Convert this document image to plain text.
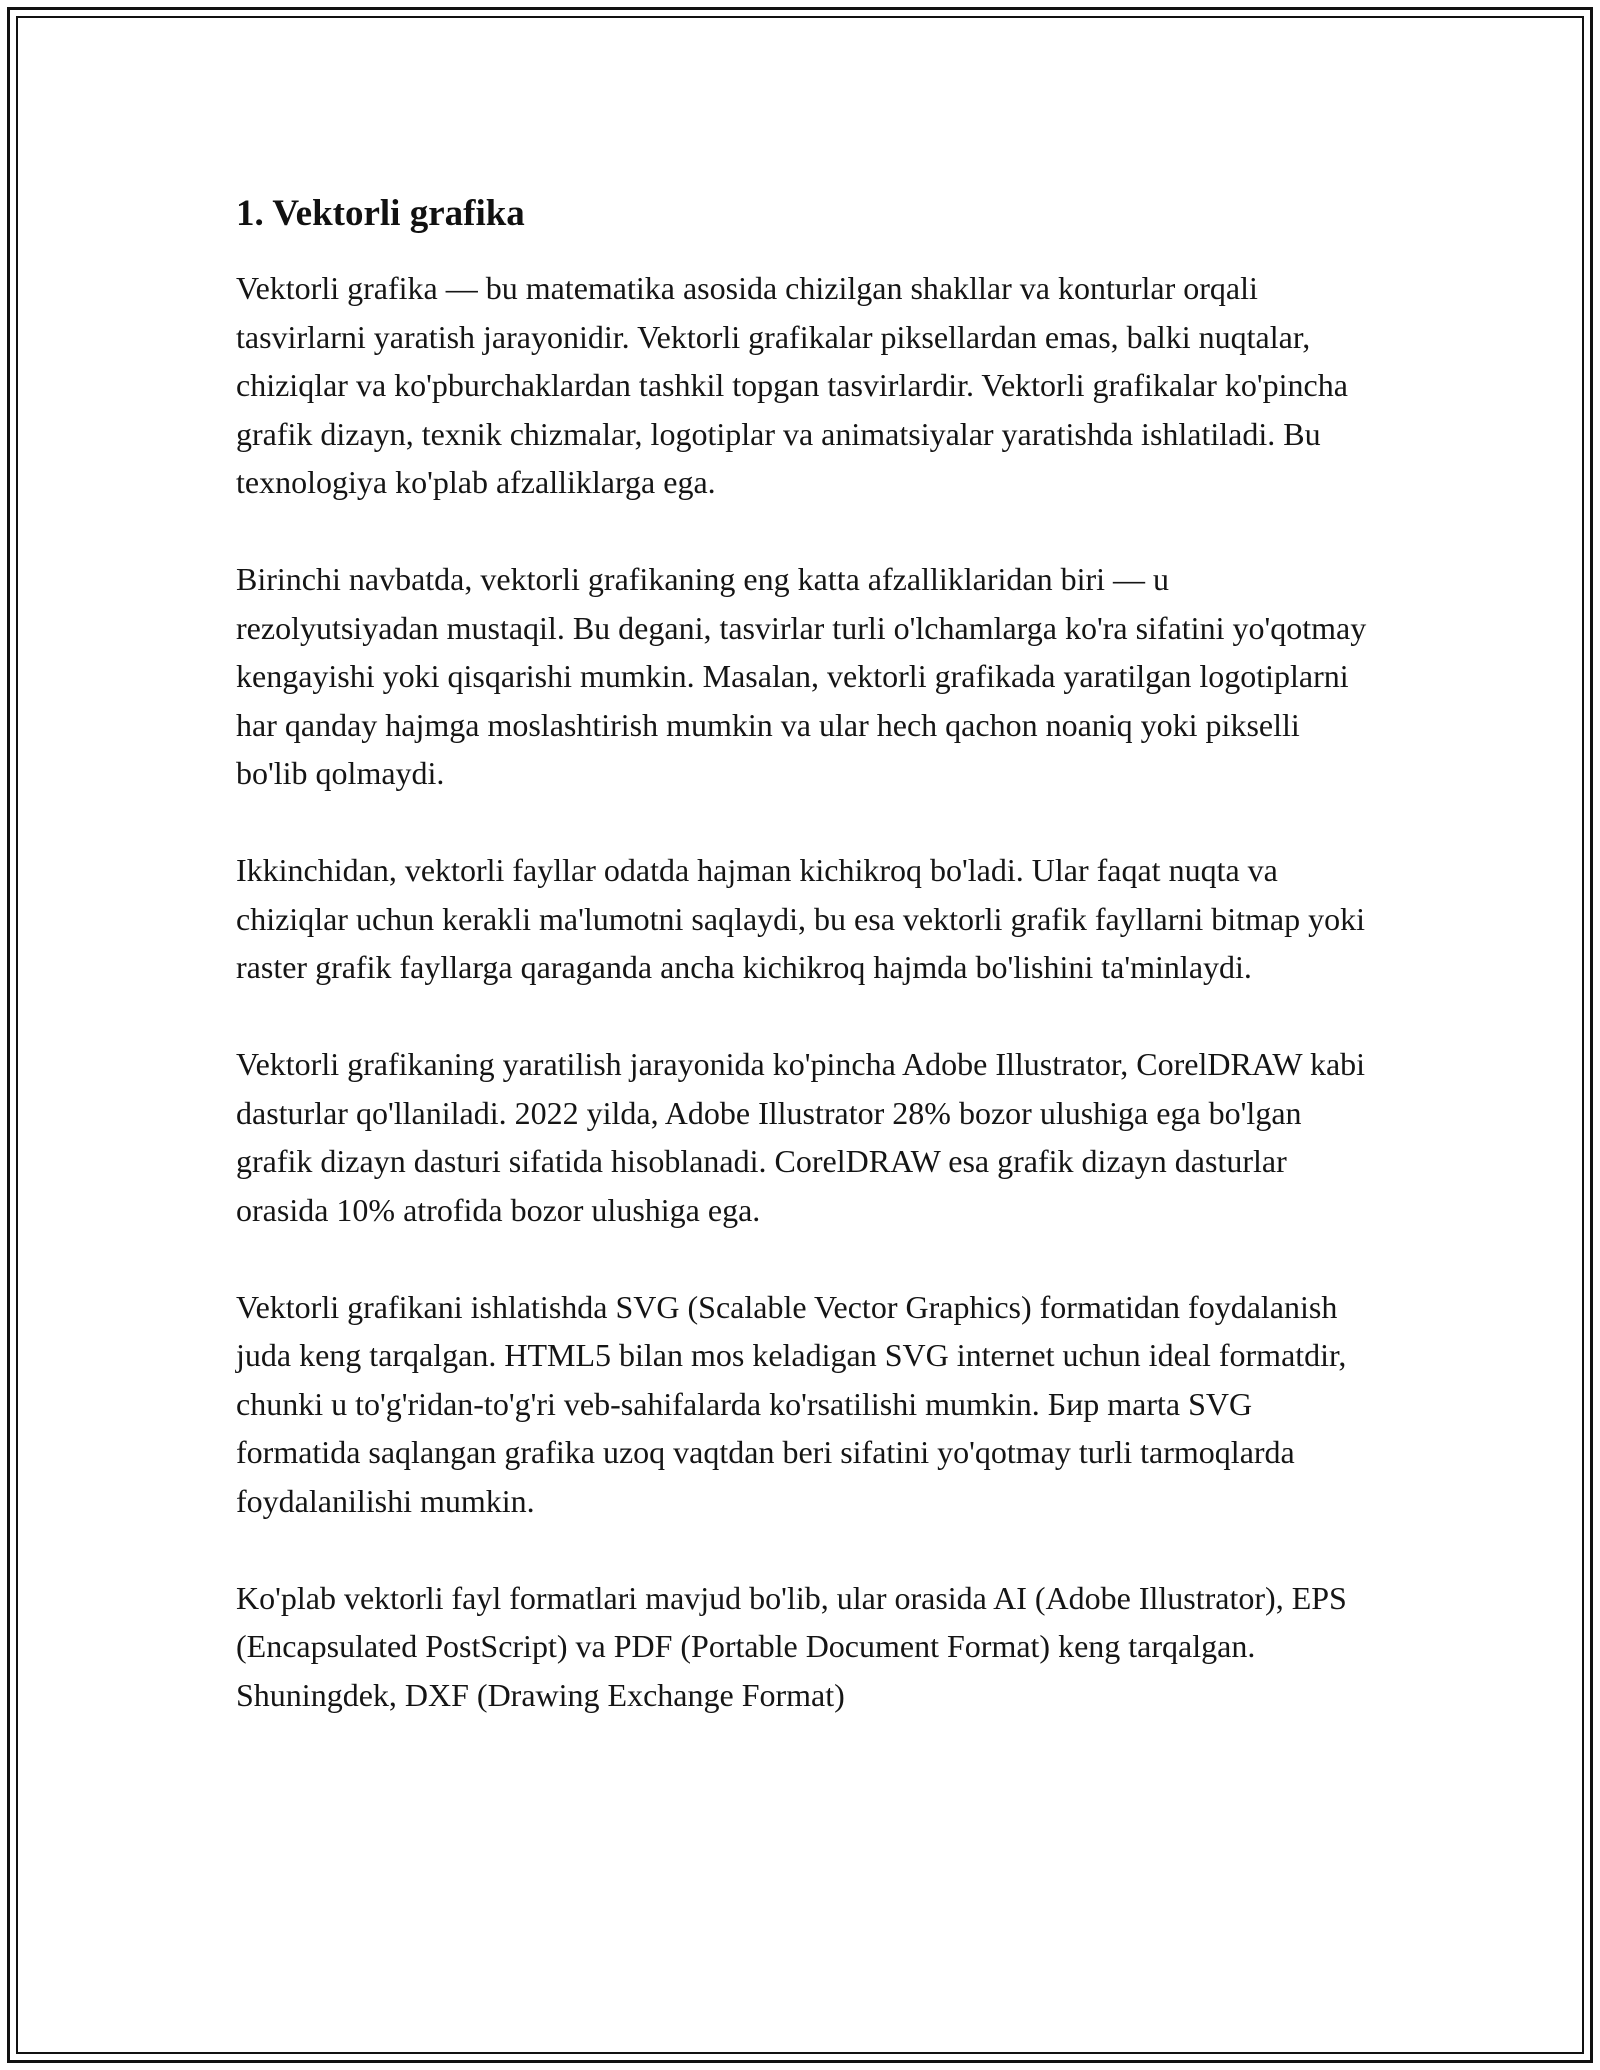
1. Vektorli grafika

Vektorli grafika — bu matematika asosida chizilgan shakllar va konturlar orqali tasvirlarni yaratish jarayonidir. Vektorli grafikalar piksellardan emas, balki nuqtalar, chiziqlar va ko'pburchaklardan tashkil topgan tasvirlardir. Vektorli grafikalar ko'pincha grafik dizayn, texnik chizmalar, logotiplar va animatsiyalar yaratishda ishlatiladi. Bu texnologiya ko'plab afzalliklarga ega.

Birinchi navbatda, vektorli grafikaning eng katta afzalliklaridan biri — u rezolyutsiyadan mustaqil. Bu degani, tasvirlar turli o'lchamlarga ko'ra sifatini yo'qotmay kengayishi yoki qisqarishi mumkin. Masalan, vektorli grafikada yaratilgan logotiplarni har qanday hajmga moslashtirish mumkin va ular hech qachon noaniq yoki pikselli bo'lib qolmaydi.

Ikkinchidan, vektorli fayllar odatda hajman kichikroq bo'ladi. Ular faqat nuqta va chiziqlar uchun kerakli ma'lumotni saqlaydi, bu esa vektorli grafik fayllarni bitmap yoki raster grafik fayllarga qaraganda ancha kichikroq hajmda bo'lishini ta'minlaydi.

Vektorli grafikaning yaratilish jarayonida ko'pincha Adobe Illustrator, CorelDRAW kabi dasturlar qo'llaniladi. 2022 yilda, Adobe Illustrator 28% bozor ulushiga ega bo'lgan grafik dizayn dasturi sifatida hisoblanadi. CorelDRAW esa grafik dizayn dasturlar orasida 10% atrofida bozor ulushiga ega.

Vektorli grafikani ishlatishda SVG (Scalable Vector Graphics) formatidan foydalanish juda keng tarqalgan. HTML5 bilan mos keladigan SVG internet uchun ideal formatdir, chunki u to'g'ridan-to'g'ri veb-sahifalarda ko'rsatilishi mumkin. Бир marta SVG formatida saqlangan grafika uzoq vaqtdan beri sifatini yo'qotmay turli tarmoqlarda foydalanilishi mumkin.

Ko'plab vektorli fayl formatlari mavjud bo'lib, ular orasida AI (Adobe Illustrator), EPS (Encapsulated PostScript) va PDF (Portable Document Format) keng tarqalgan. Shuningdek, DXF (Drawing Exchange Format)
